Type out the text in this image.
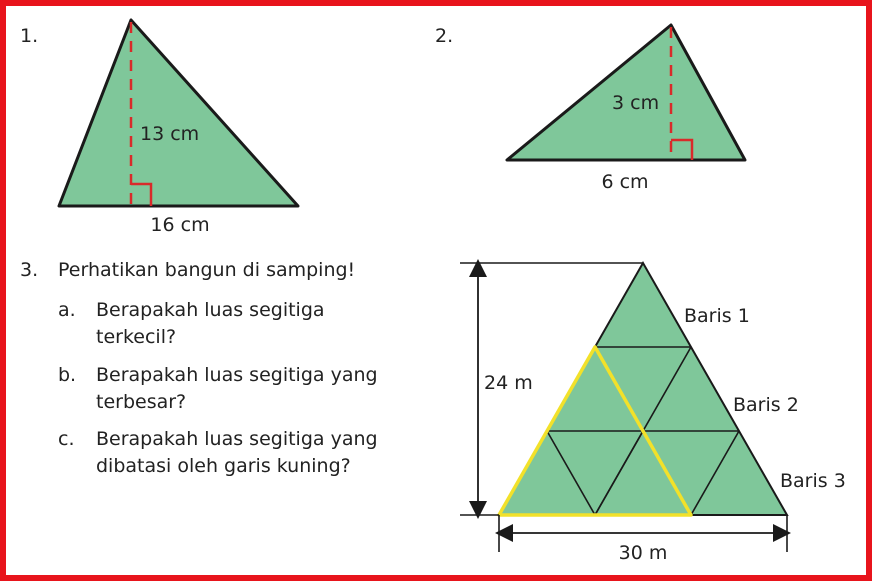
13 cm
16 cm
3 cm
6 cm
24 m
30 m
Baris 1
Baris 2
Baris 3
1.	2.
3. Perhatikan bangun di samping!
a. Berapakah luas segitiga
terkecil?
b. Berapakah luas segitiga yang
terbesar?
c. Berapakah luas segitiga yang
dibatasi oleh garis kuning?
